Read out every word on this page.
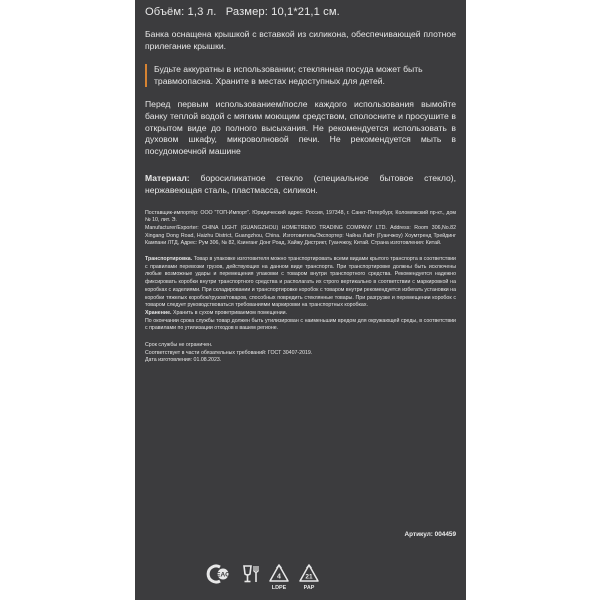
Объём: 1,3 л. Размер: 10,1*21,1 см.

Банка оснащена крышкой с вставкой из силикона, обеспечивающей плотное прилегание крышки.

Будьте аккуратны в использовании; стеклянная посуда может быть травмоопасна. Храните в местах недоступных для детей.

Перед первым использованием/после каждого использования вымойте банку теплой водой с мягким моющим средством, сполосните и просушите в открытом виде до полного высыхания. Не рекомендуется использовать в духовом шкафу, микроволновой печи. Не рекомендуется мыть в посудомоечной машине

Материал: боросиликатное стекло (специальное бытовое стекло), нержавеющая сталь, пластмасса, силикон.

Поставщик-импортёр: ООО “ТОП-Импорт”. Юридический адрес: Россия, 197348, г. Санкт-Петербург, Коломяжский пр-кт., дом № 10, лит. Э.

Manufacturer/Exporter: CHINA LIGHT (GUANGZHOU) HOMETRENO TRADING COMPANY LTD. Address: Room 306,No.82 Xingang Dong Road, Haizhu District, Guangzhou, China. Изготовитель/Экспортер: Чайна Лайт (Гуанчжоу) Хоумтренд Трейдинг Кампани ЛТД, Адрес: Рум 306, № 82, Кзинганг Донг Роад, Хайжу Дистрикт, Гуанчжоу, Китай. Страна изготовления: Китай.

Транспортировка. Товар в упаковке изготовителя можно транспортировать всеми видами крытого транспорта в соответствии с правилами перевозки грузов, действующих на данном виде транспорта. При транспортировке должны быть исключены любые возможные удары и перемещения упаковки с товаром внутри транспортного средства. Рекомендуется надежно фиксировать коробки внутри транспортного средства и располагать их строго вертикально в соответствии с маркировкой на коробках с изделиями. При складировании и транспортировке коробок с товаром внутри рекомендуется избегать установки на коробки тяжелых коробок/грузов/товаров, способных повредить стеклянные товары. При разгрузке и перемещении коробок с товаром следует руководствоваться требованиями маркировки на транспортных коробках.

Хранение. Хранить в сухом проветриваемом помещении.

По окончании срока службы товар должен быть утилизирован с наименьшим вредом для окружающей среды, в соответствии с правилами по утилизации отходов в вашем регионе.

Срок службы не ограничен.

Соответствует в части обязательных требований: ГОСТ 30407-2019.

Дата изготовления: 01.08.2023.

Артикул: 004459
EAC	4
LDPE
21
PAP
